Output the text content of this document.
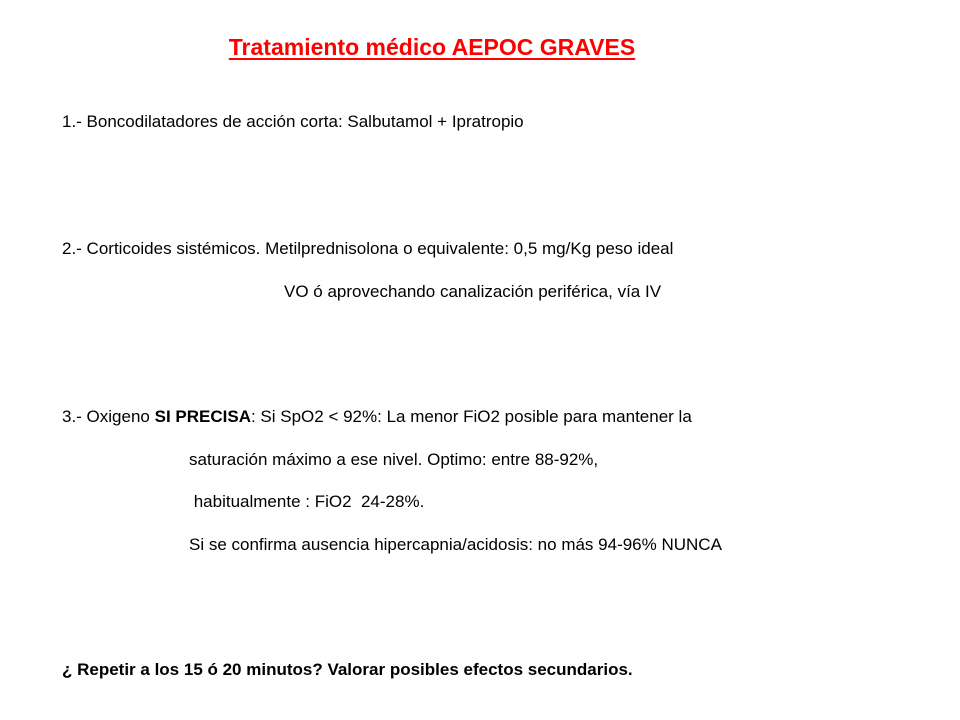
Tratamiento médico AEPOC GRAVES
1.- Boncodilatadores de acción corta: Salbutamol + Ipratropio
2.- Corticoides sistémicos. Metilprednisolona o equivalente: 0,5 mg/Kg peso ideal
VO ó aprovechando canalización periférica, vía IV
3.- Oxigeno SI PRECISA: Si SpO2 < 92%: La menor FiO2 posible para mantener la
saturación máximo a ese nivel. Optimo: entre 88-92%,
habitualmente : FiO2  24-28%.
Si se confirma ausencia hipercapnia/acidosis: no más 94-96% NUNCA
¿ Repetir a los 15 ó 20 minutos? Valorar posibles efectos secundarios.
